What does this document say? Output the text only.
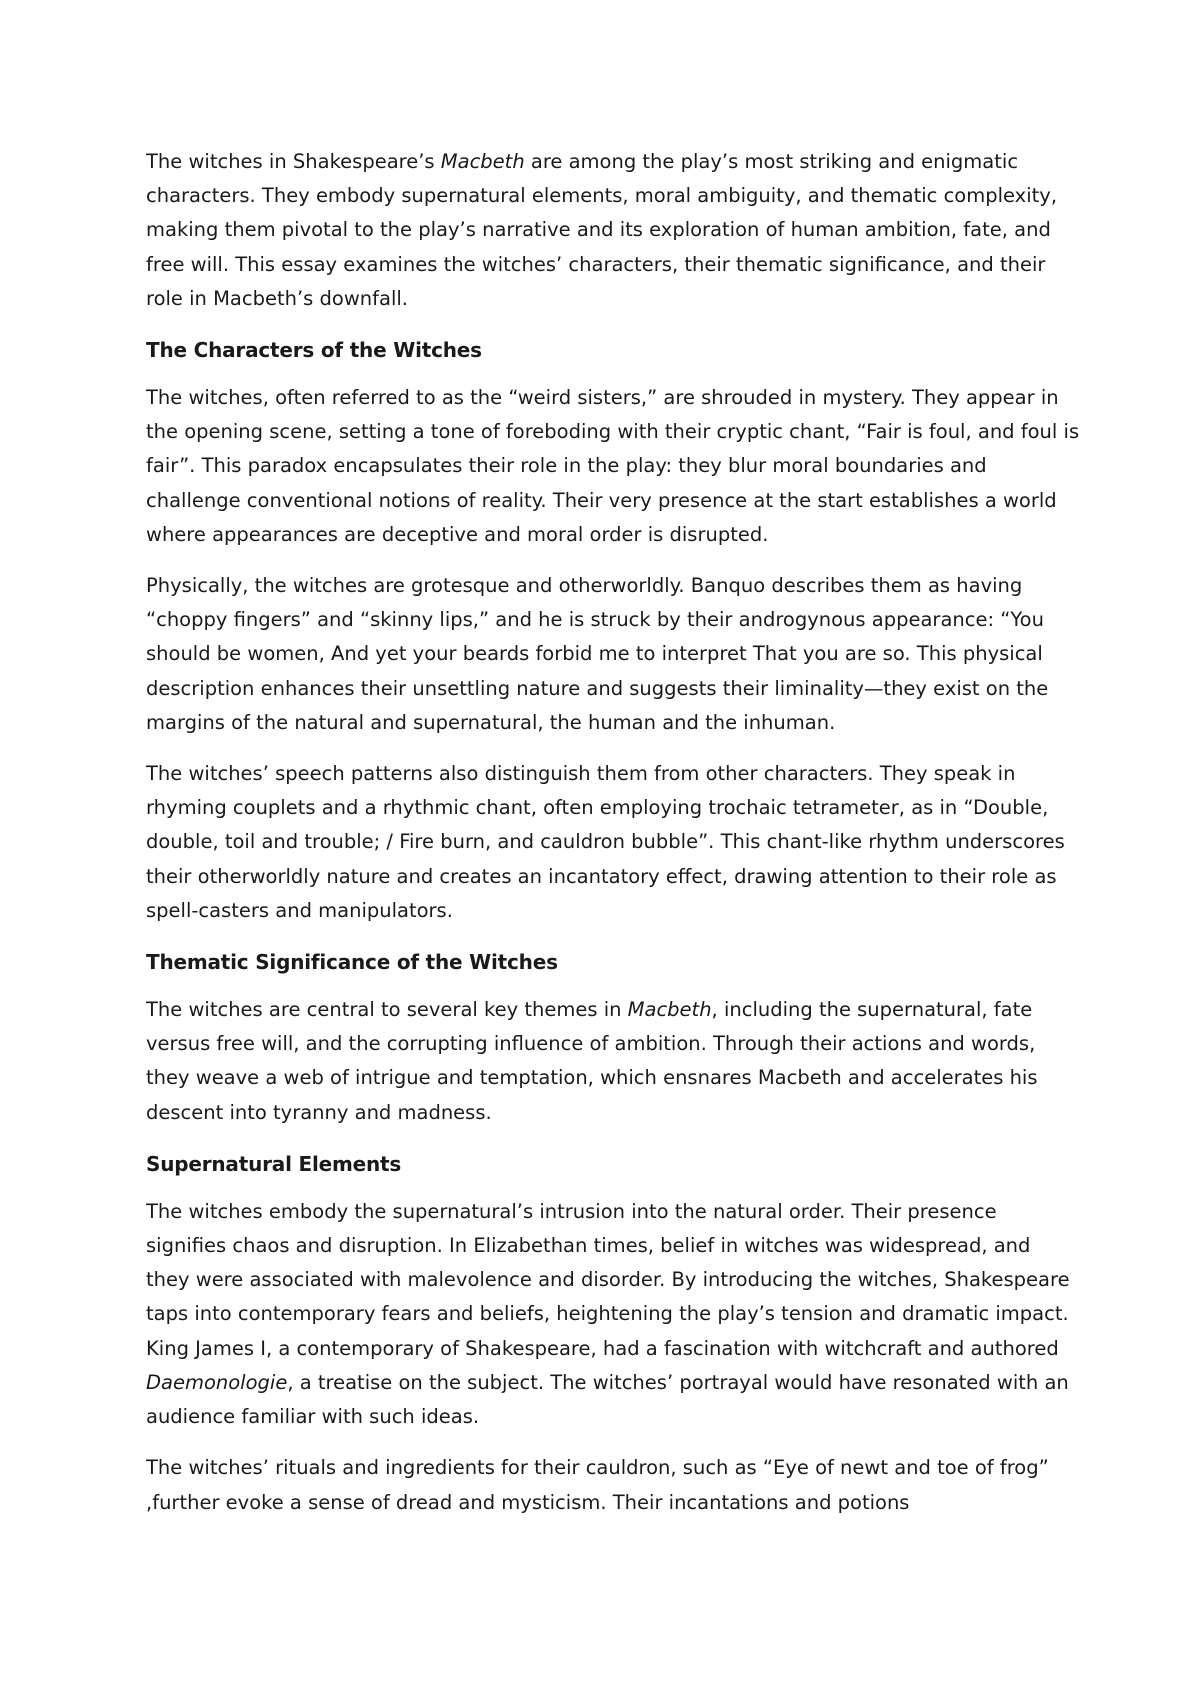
The witches in Shakespeare’s Macbeth are among the play’s most striking and enigmatic characters. They embody supernatural elements, moral ambiguity, and thematic complexity, making them pivotal to the play’s narrative and its exploration of human ambition, fate, and free will. This essay examines the witches’ characters, their thematic significance, and their role in Macbeth’s downfall.

The Characters of the Witches

The witches, often referred to as the “weird sisters,” are shrouded in mystery. They appear in the opening scene, setting a tone of foreboding with their cryptic chant, “Fair is foul, and foul is fair”. This paradox encapsulates their role in the play: they blur moral boundaries and challenge conventional notions of reality. Their very presence at the start establishes a world where appearances are deceptive and moral order is disrupted.

Physically, the witches are grotesque and otherworldly. Banquo describes them as having “choppy fingers” and “skinny lips,” and he is struck by their androgynous appearance: “You should be women, And yet your beards forbid me to interpret That you are so. This physical description enhances their unsettling nature and suggests their liminality—they exist on the margins of the natural and supernatural, the human and the inhuman.

The witches’ speech patterns also distinguish them from other characters. They speak in rhyming couplets and a rhythmic chant, often employing trochaic tetrameter, as in “Double, double, toil and trouble; / Fire burn, and cauldron bubble”. This chant-like rhythm underscores their otherworldly nature and creates an incantatory effect, drawing attention to their role as spell-casters and manipulators.

Thematic Significance of the Witches

The witches are central to several key themes in Macbeth, including the supernatural, fate versus free will, and the corrupting influence of ambition. Through their actions and words, they weave a web of intrigue and temptation, which ensnares Macbeth and accelerates his descent into tyranny and madness.

Supernatural Elements

The witches embody the supernatural’s intrusion into the natural order. Their presence signifies chaos and disruption. In Elizabethan times, belief in witches was widespread, and they were associated with malevolence and disorder. By introducing the witches, Shakespeare taps into contemporary fears and beliefs, heightening the play’s tension and dramatic impact. King James I, a contemporary of Shakespeare, had a fascination with witchcraft and authored Daemonologie, a treatise on the subject. The witches’ portrayal would have resonated with an audience familiar with such ideas.

The witches’ rituals and ingredients for their cauldron, such as “Eye of newt and toe of frog” ,further evoke a sense of dread and mysticism. Their incantations and potions
